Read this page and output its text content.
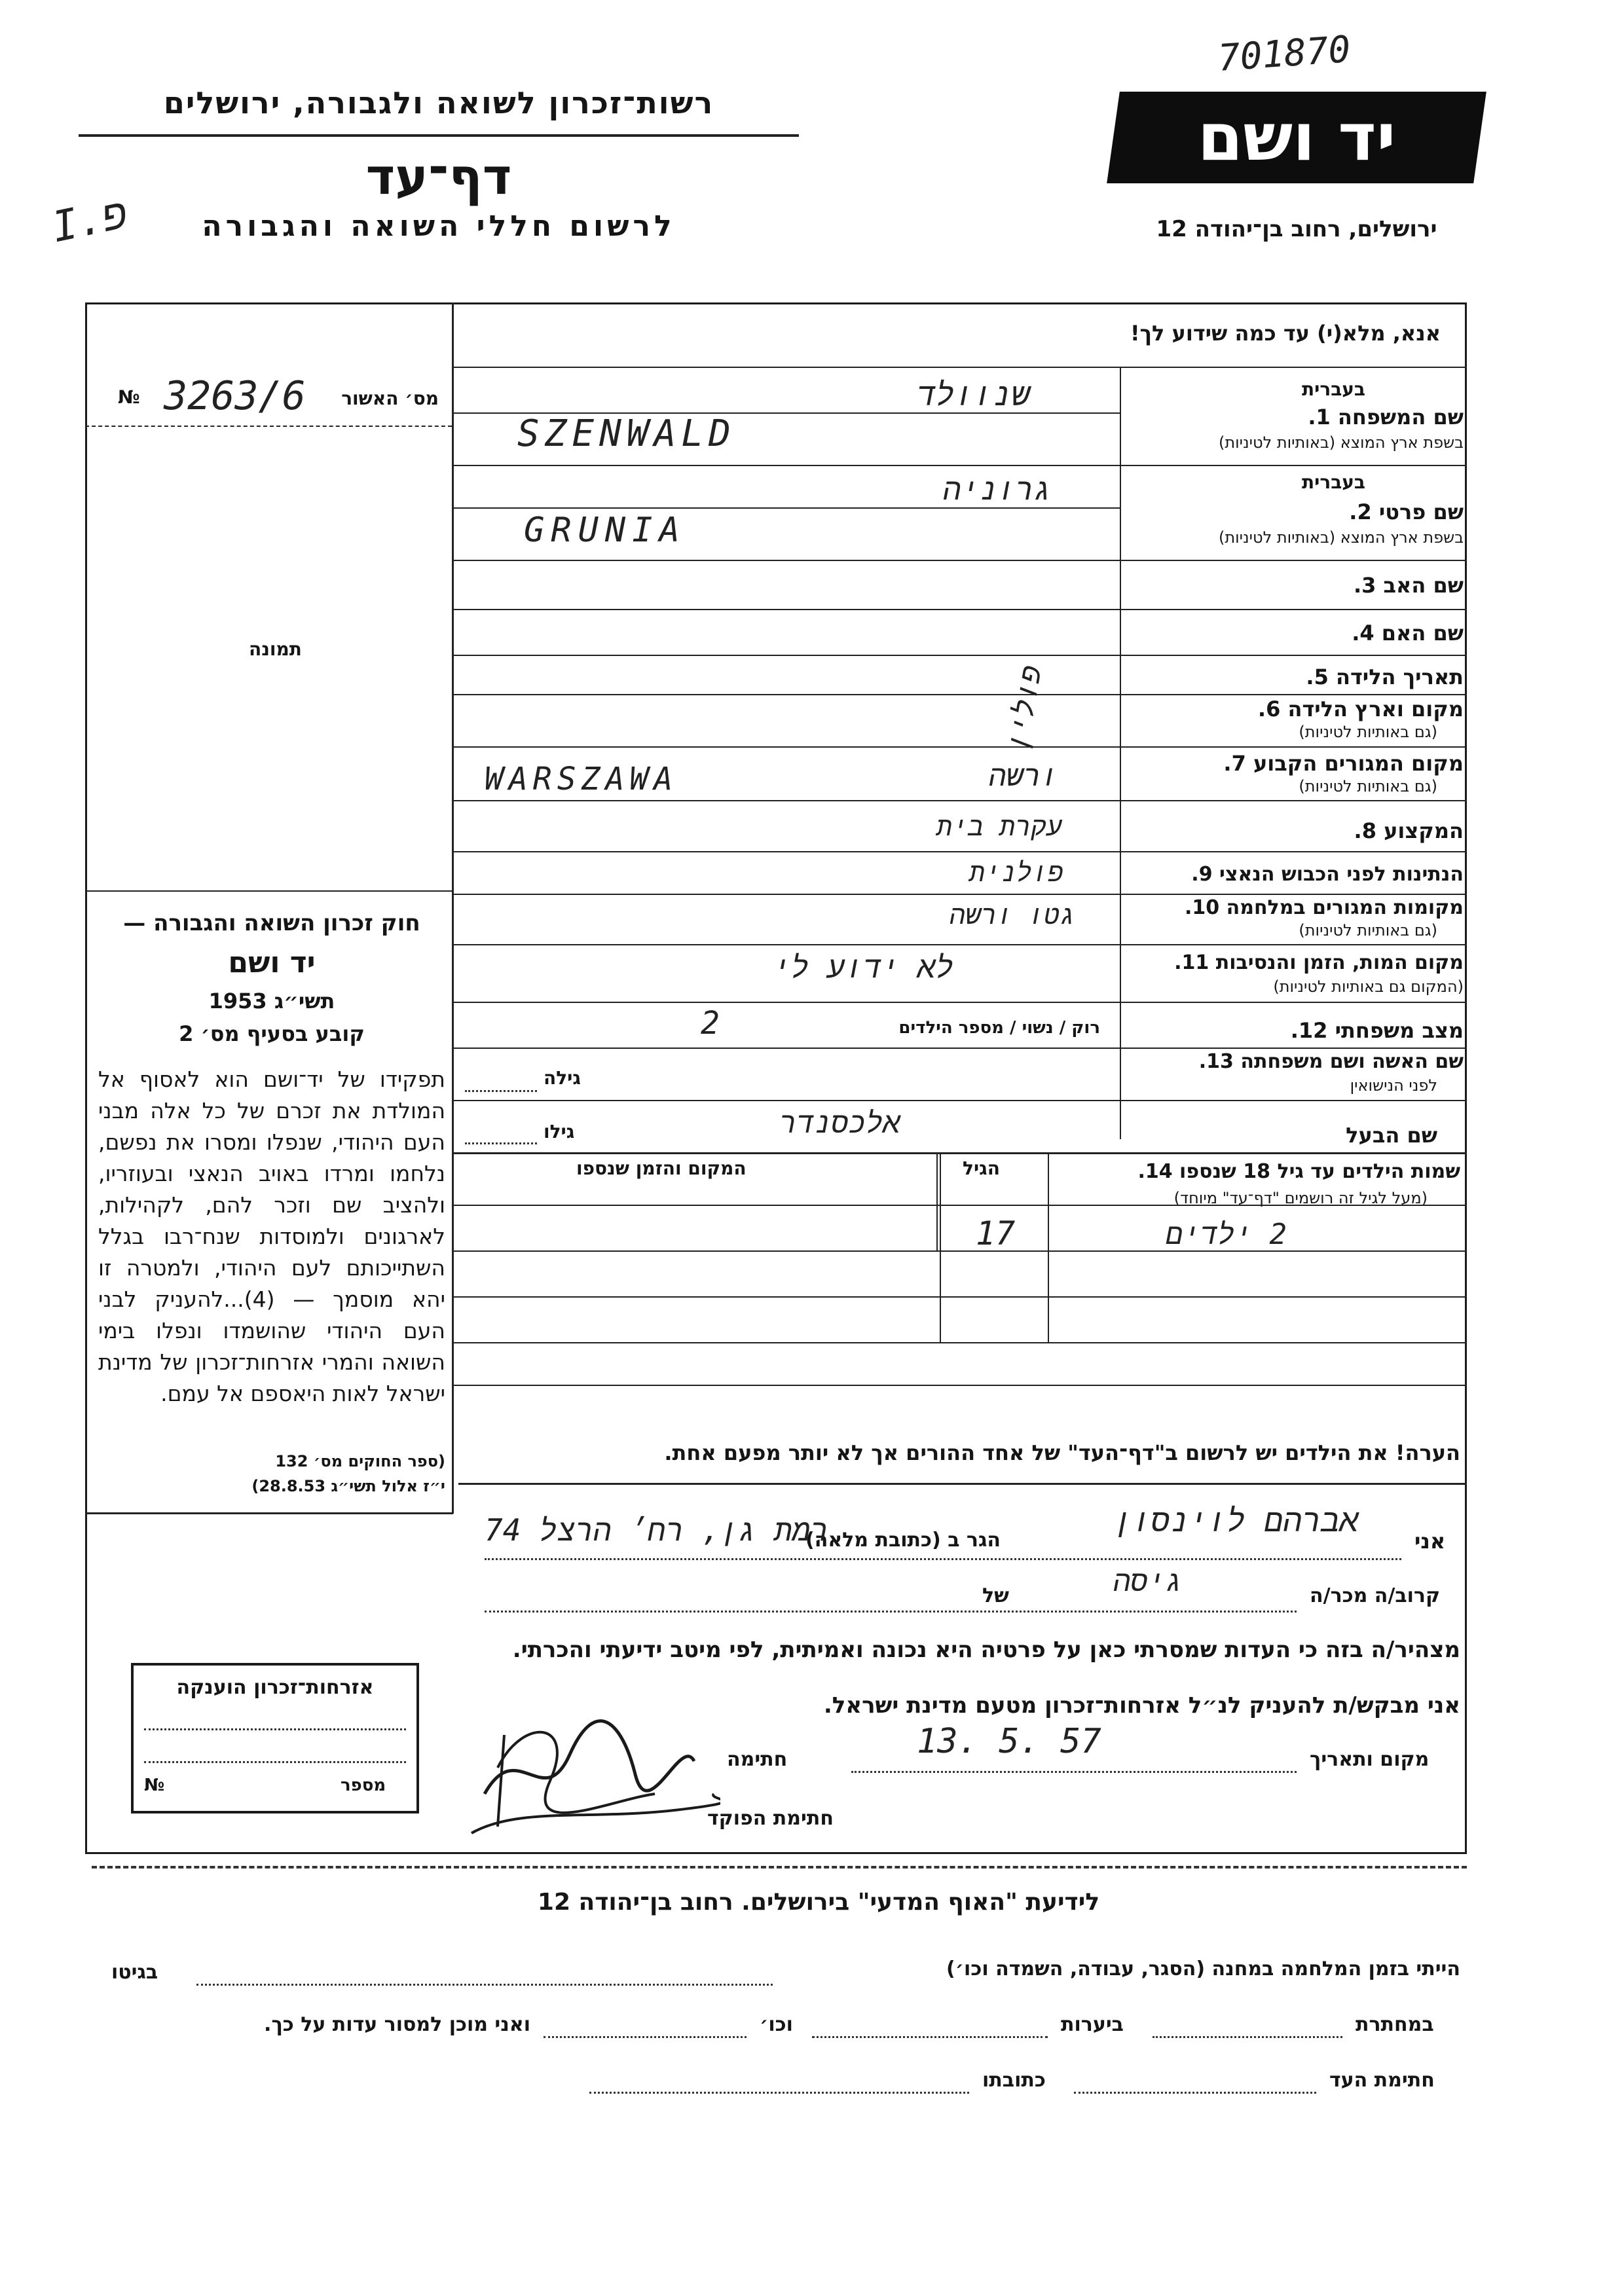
701870
רשות־זכרון לשואה ולגבורה, ירושלים
דף־עד
לרשום חללי השואה והגבורה
I.פ
יד ושם
ירושלים, רחוב בן־יהודה 12
אנא, מלא(י) עד כמה שידוע לך!
№ 3263​/6 מס׳ האשור
תמונה
בעברית
שם המשפחה 1.
בשפת ארץ המוצא (באותיות לטיניות)
שנוולד
SZENWALD
בעברית
שם פרטי 2.
בשפת ארץ המוצא (באותיות לטיניות)
גרוניה
GRUNIA
שם האב 3.
שם האם 4.
תאריך הלידה 5.
מקום וארץ הלידה 6.
(גם באותיות לטיניות)
פולין
מקום המגורים הקבוע 7.
(גם באותיות לטיניות)
WARSZAWA	ורשה
המקצוע 8.
עקרת בית
הנתינות לפני הכבוש הנאצי 9.
פולנית
מקומות המגורים במלחמה 10.
(גם באותיות לטיניות)
גטו ורשה
מקום המות, הזמן והנסיבות 11.
(המקום גם באותיות לטיניות)
לא ידוע לי
מצב משפחתי 12.
רוק / נשוי / מספר הילדים
2
שם האשה ושם משפחתה 13.
לפני הנישואין
גילה
שם הבעל
אלכסנדר
גילו
שמות הילדים עד גיל 18 שנספו 14.
(מעל לגיל זה רושמים "דף־עד" מיוחד)
הגיל
המקום והזמן שנספו
2 ילדים
17
הערה! את הילדים יש לרשום ב"דף־העד" של אחד ההורים אך לא יותר מפעם אחת.
חוק זכרון השואה והגבורה —
יד ושם
תשי״ג 1953
קובע בסעיף מס׳ 2
תפקידו של יד־ושם הוא לאסוף אל המולדת את זכרם של כל אלה מבני העם היהודי, שנפלו ומסרו את נפשם, נלחמו ומרדו באויב הנאצי ובעוזריו, ולהציב שם וזכר להם, לקהילות, לארגונים ולמוסדות שנח־רבו בגלל השתייכותם לעם היהודי, ולמטרה זו יהא מוסמך — (4)...להעניק לבני העם היהודי שהושמדו ונפלו בימי השואה והמרי אזרחות־זכרון של מדינת ישראל לאות היאספם אל עמם.
(ספר החוקים מס׳ 132
י״ז אלול תשי״ג 28.8.53)
אני
אברהם לוינסון
הגר ב (כתובת מלאה)
רמת גן, רח׳ הרצל 74
קרוב/ה מכר/ה
גיסה
של
מצהיר/ה בזה כי העדות שמסרתי כאן על פרטיה היא נכונה ואמיתית, לפי מיטב ידיעתי והכרתי.
אני מבקש/ת להעניק לנ״ל אזרחות־זכרון מטעם מדינת ישראל.
מקום ותאריך
13. 5. 57
חתימה
חתימת הפוקד
אזרחות־זכרון הוענקה
מספר
№
לידיעת "האוף המדעי" בירושלים. רחוב בן־יהודה 12
הייתי בזמן המלחמה במחנה (הסגר, עבודה, השמדה וכו׳)
בגיטו
במחתרת
ביערות
וכו׳
ואני מוכן למסור עדות על כך.
חתימת העד
כתובתו
